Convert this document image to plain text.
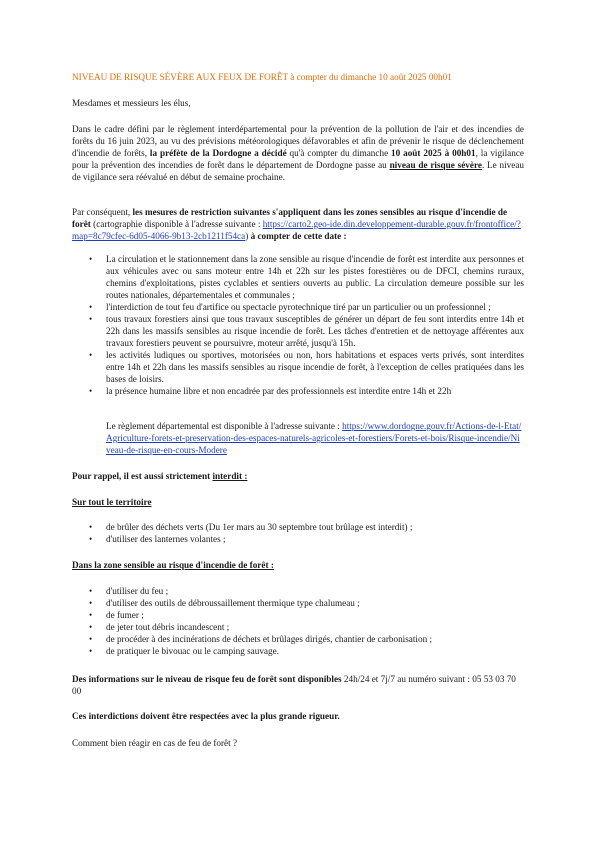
NIVEAU DE RISQUE SÉVÈRE AUX FEUX DE FORÊT à compter du dimanche 10 août 2025 00h01

Mesdames et messieurs les élus,

Dans le cadre défini par le règlement interdépartemental pour la prévention de la pollution de l'air et des incendies de forêts du 16 juin 2023, au vu des prévisions météorologiques défavorables et afin de prévenir le risque de déclenchement d'incendie de forêts, la préfète de la Dordogne a décidé qu'à compter du dimanche 10 août 2025 à 00h01, la vigilance pour la prévention des incendies de forêt dans le département de Dordogne passe au niveau de risque sévère. Le niveau de vigilance sera réévalué en début de semaine prochaine.

Par conséquent, les mesures de restriction suivantes s'appliquent dans les zones sensibles au risque d'incendie de forêt (cartographie disponible à l'adresse suivante : https://carto2.geo-ide.din.developpement-durable.gouv.fr/frontoffice/?map=8c79cfec-6d05-4066-9b13-2cb1211f54ca) à compter de cette date :

• La circulation et le stationnement dans la zone sensible au risque d'incendie de forêt est interdite aux personnes et aux véhicules avec ou sans moteur entre 14h et 22h sur les pistes forestières ou de DFCI, chemins ruraux, chemins d'exploitations, pistes cyclables et sentiers ouverts au public. La circulation demeure possible sur les routes nationales, départementales et communales ;
• l'interdiction de tout feu d'artifice ou spectacle pyrotechnique tiré par un particulier ou un professionnel ;
• tous travaux forestiers ainsi que tous travaux susceptibles de générer un départ de feu sont interdits entre 14h et 22h dans les massifs sensibles au risque incendie de forêt. Les tâches d'entretien et de nettoyage afférentes aux travaux forestiers peuvent se poursuivre, moteur arrêté, jusqu'à 15h.
• les activités ludiques ou sportives, motorisées ou non, hors habitations et espaces verts privés, sont interdites entre 14h et 22h dans les massifs sensibles au risque incendie de forêt, à l'exception de celles pratiquées dans les bases de loisirs.
• la présence humaine libre et non encadrée par des professionnels est interdite entre 14h et 22h

Le règlement départemental est disponible à l'adresse suivante : https://www.dordogne.gouv.fr/Actions-de-l-Etat/Agriculture-forets-et-preservation-des-espaces-naturels-agricoles-et-forestiers/Forets-et-bois/Risque-incendie/Niveau-de-risque-en-cours-Modere

Pour rappel, il est aussi strictement interdit :

Sur tout le territoire

• de brûler des déchets verts (Du 1er mars au 30 septembre tout brûlage est interdit) ;
• d'utiliser des lanternes volantes ;

Dans la zone sensible au risque d'incendie de forêt :

• d'utiliser du feu ;
• d'utiliser des outils de débroussaillement thermique type chalumeau ;
• de fumer ;
• de jeter tout débris incandescent ;
• de procéder à des incinérations de déchets et brûlages dirigés, chantier de carbonisation ;
• de pratiquer le bivouac ou le camping sauvage.

Des informations sur le niveau de risque feu de forêt sont disponibles 24h/24 et 7j/7 au numéro suivant : 05 53 03 70 00

Ces interdictions doivent être respectées avec la plus grande rigueur.

Comment bien réagir en cas de feu de forêt ?
